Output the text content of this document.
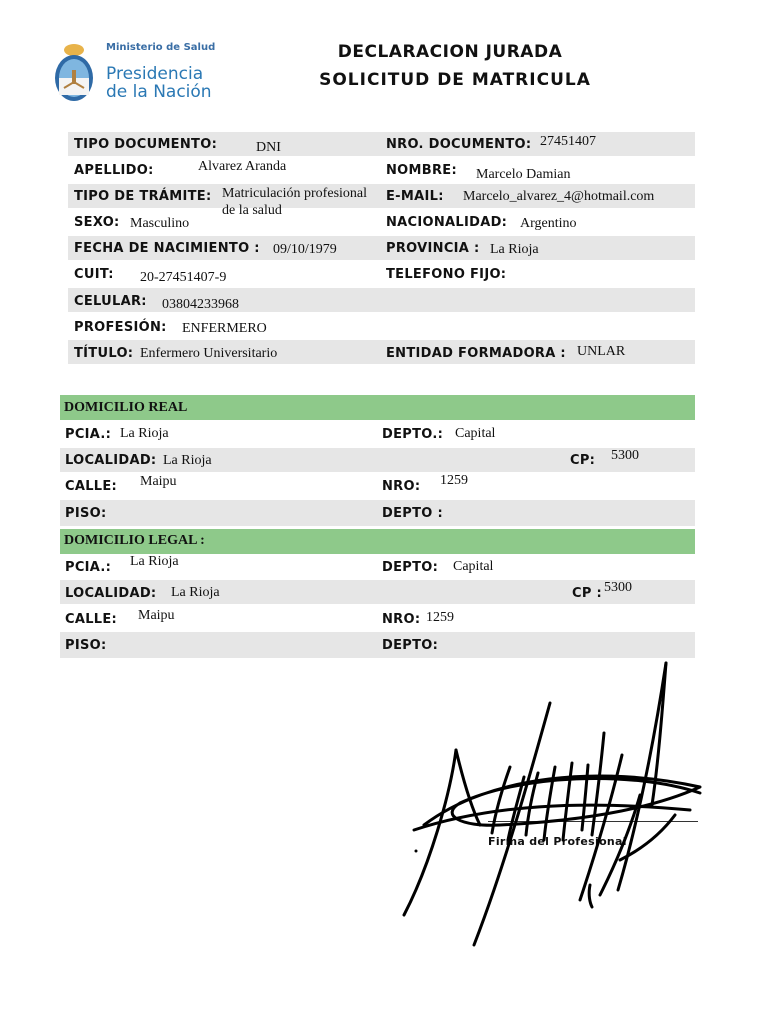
Ministerio de Salud
Presidencia
de la Nación
DECLARACION JURADA
SOLICITUD DE MATRICULA
TIPO DOCUMENTO:	DNI	NRO. DOCUMENTO: 27451407
APELLIDO:	Alvarez Aranda	NOMBRE: Marcelo Damian
TIPO DE TRÁMITE: Matriculación profesional
de la salud
E-MAIL: Marcelo_alvarez_4@hotmail.com
SEXO: Masculino	NACIONALIDAD: Argentino
FECHA DE NACIMIENTO : 09/10/1979	PROVINCIA : La Rioja
CUIT: 20-27451407-9	TELEFONO FIJO:
CELULAR: 03804233968
PROFESIÓN: ENFERMERO
TÍTULO: Enfermero Universitario	ENTIDAD FORMADORA : UNLAR
DOMICILIO REAL
PCIA.: La Rioja	DEPTO.: Capital
LOCALIDAD: La Rioja	CP: 5300
CALLE: Maipu	NRO: 1259
PISO:	DEPTO :
DOMICILIO LEGAL :
PCIA.: La Rioja	DEPTO: Capital
LOCALIDAD: La Rioja	CP : 5300
CALLE: Maipu	NRO: 1259
PISO:	DEPTO:
Firma del Profesional
